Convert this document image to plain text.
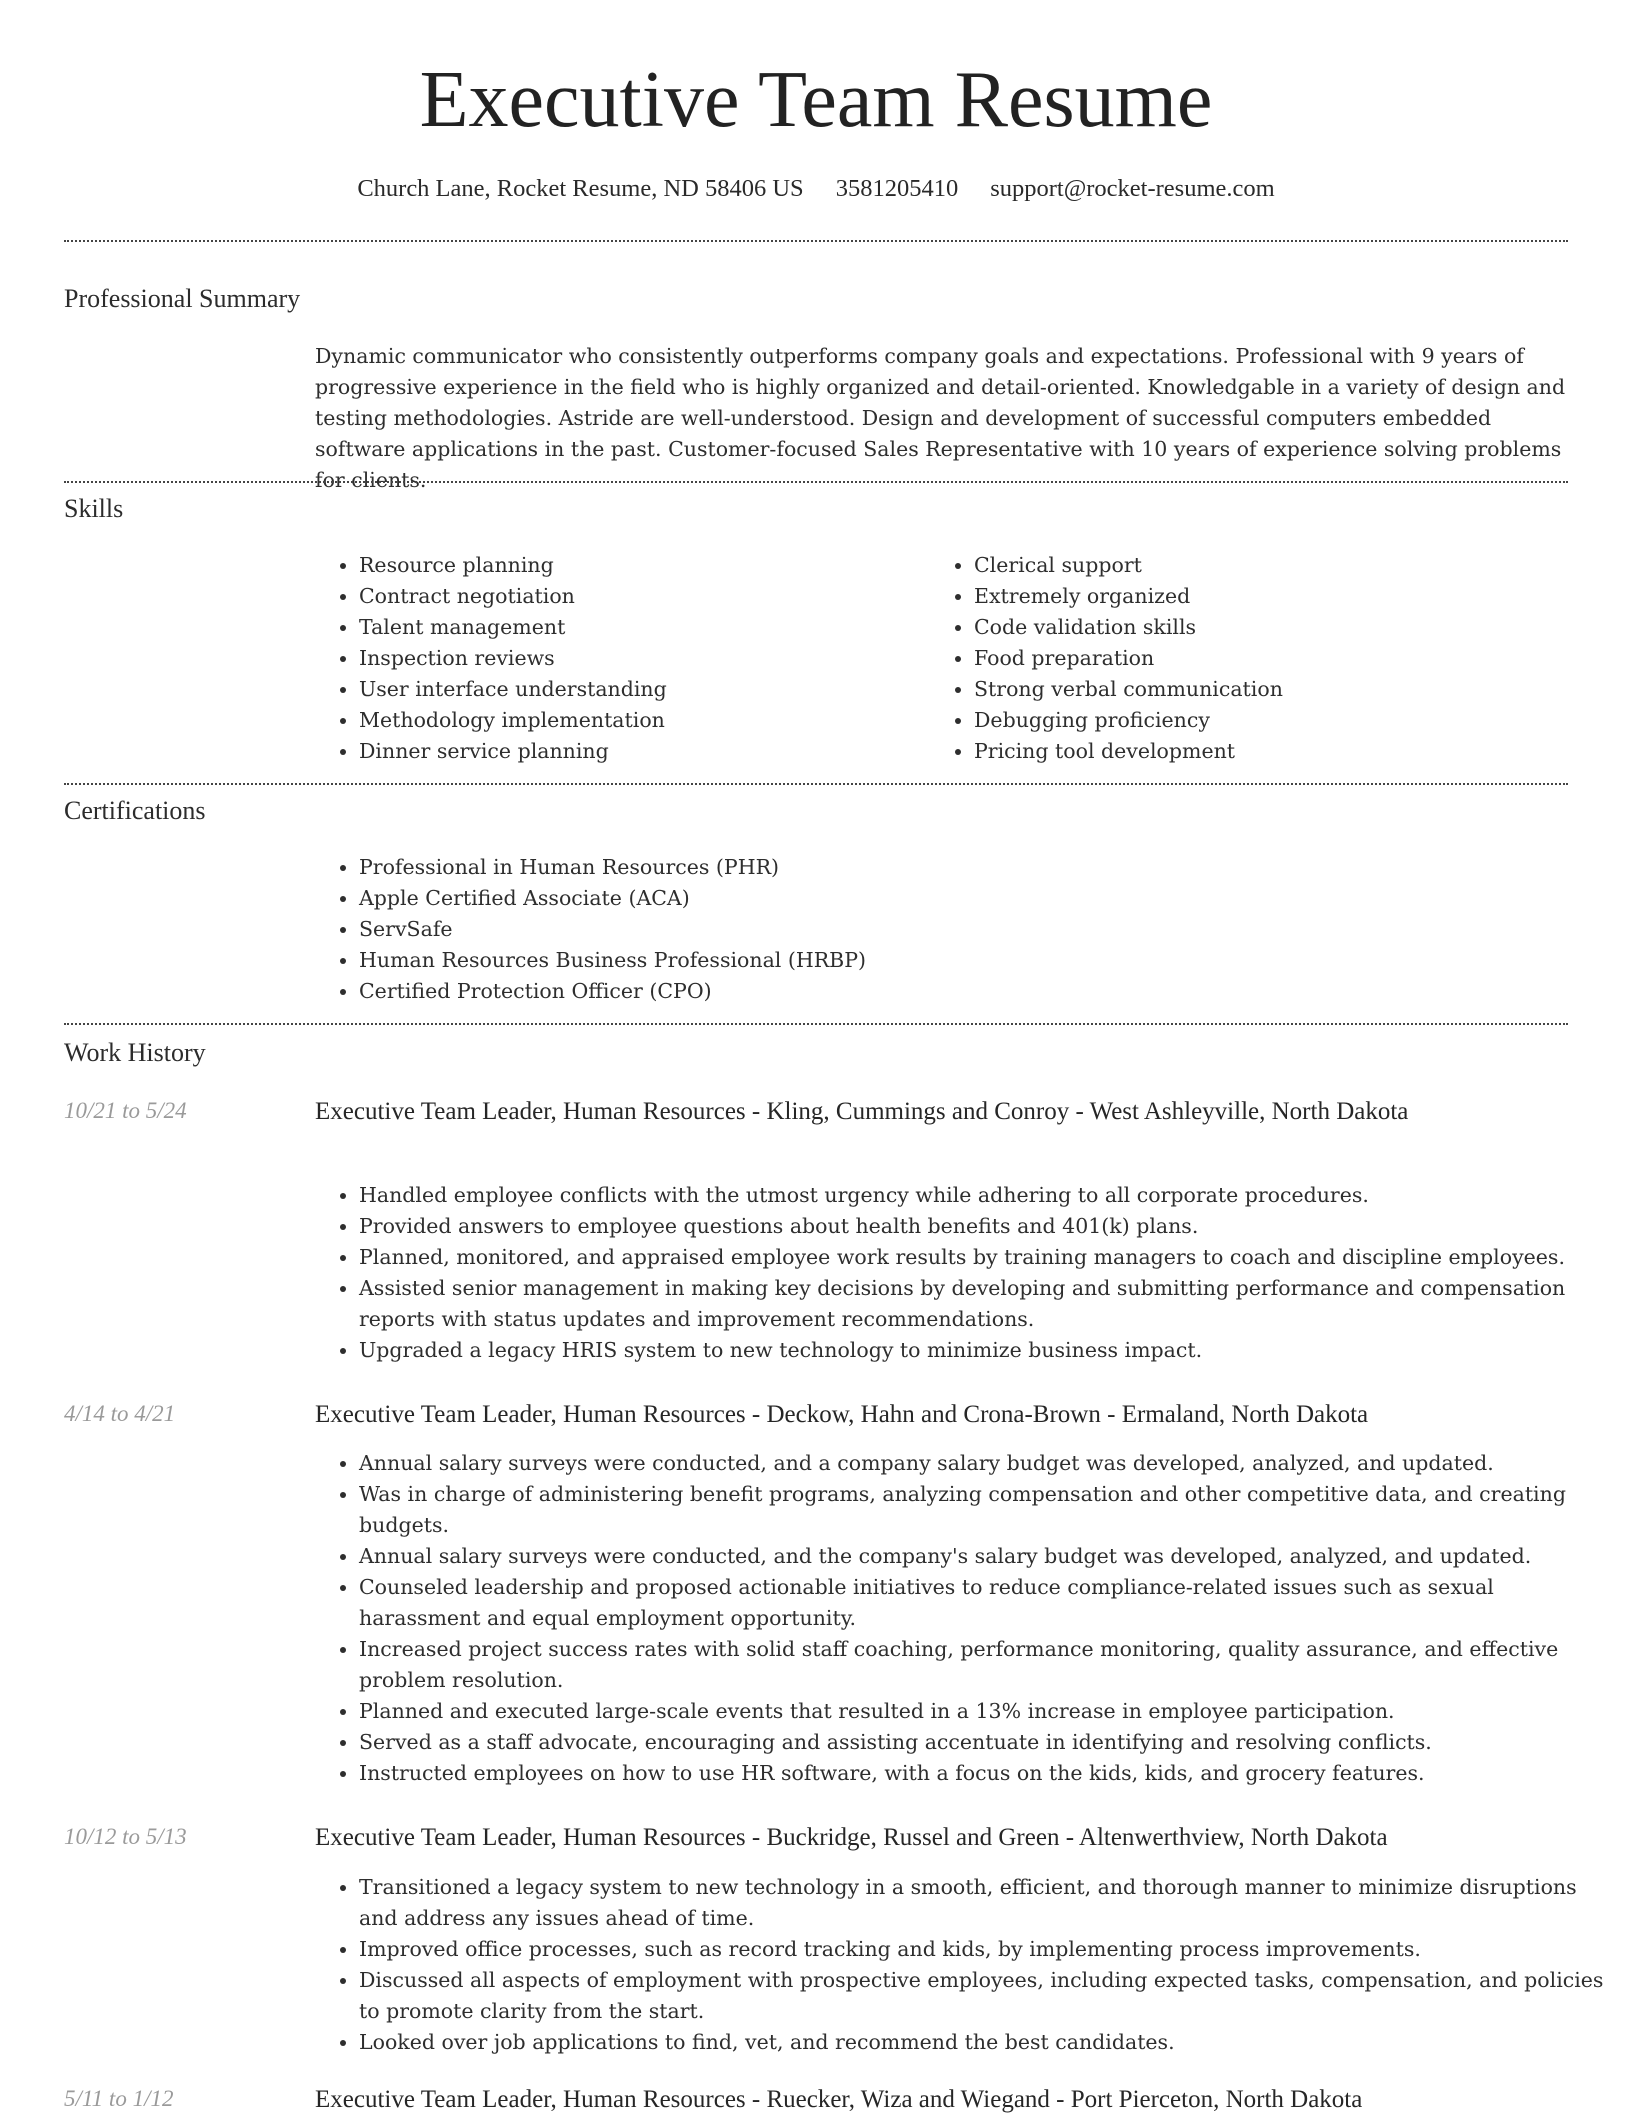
Executive Team Resume
Church Lane, Rocket Resume, ND 58406 US 3581205410 support@rocket-resume.com
Professional Summary
Dynamic communicator who consistently outperforms company goals and expectations. Professional with 9 years of progressive experience in the field who is highly organized and detail-oriented. Knowledgable in a variety of design and testing methodologies. Astride are well-understood. Design and development of successful computers embedded software applications in the past. Customer-focused Sales Representative with 10 years of experience solving problems for clients.
Skills
• Resource planning
• Contract negotiation
• Talent management
• Inspection reviews
• User interface understanding
• Methodology implementation
• Dinner service planning
• Clerical support
• Extremely organized
• Code validation skills
• Food preparation
• Strong verbal communication
• Debugging proficiency
• Pricing tool development
Certifications
• Professional in Human Resources (PHR)
• Apple Certified Associate (ACA)
• ServSafe
• Human Resources Business Professional (HRBP)
• Certified Protection Officer (CPO)
Work History
10/21 to 5/24	Executive Team Leader, Human Resources - Kling, Cummings and Conroy - West Ashleyville, North Dakota
• Handled employee conflicts with the utmost urgency while adhering to all corporate procedures.
• Provided answers to employee questions about health benefits and 401(k) plans.
• Planned, monitored, and appraised employee work results by training managers to coach and discipline employees.
• Assisted senior management in making key decisions by developing and submitting performance and compensation reports with status updates and improvement recommendations.
• Upgraded a legacy HRIS system to new technology to minimize business impact.
4/14 to 4/21	Executive Team Leader, Human Resources - Deckow, Hahn and Crona-Brown - Ermaland, North Dakota
• Annual salary surveys were conducted, and a company salary budget was developed, analyzed, and updated.
• Was in charge of administering benefit programs, analyzing compensation and other competitive data, and creating budgets.
• Annual salary surveys were conducted, and the company's salary budget was developed, analyzed, and updated.
• Counseled leadership and proposed actionable initiatives to reduce compliance-related issues such as sexual harassment and equal employment opportunity.
• Increased project success rates with solid staff coaching, performance monitoring, quality assurance, and effective problem resolution.
• Planned and executed large-scale events that resulted in a 13% increase in employee participation.
• Served as a staff advocate, encouraging and assisting accentuate in identifying and resolving conflicts.
• Instructed employees on how to use HR software, with a focus on the kids, kids, and grocery features.
10/12 to 5/13	Executive Team Leader, Human Resources - Buckridge, Russel and Green - Altenwerthview, North Dakota
• Transitioned a legacy system to new technology in a smooth, efficient, and thorough manner to minimize disruptions and address any issues ahead of time.
• Improved office processes, such as record tracking and kids, by implementing process improvements.
• Discussed all aspects of employment with prospective employees, including expected tasks, compensation, and policies to promote clarity from the start.
• Looked over job applications to find, vet, and recommend the best candidates.
5/11 to 1/12	Executive Team Leader, Human Resources - Ruecker, Wiza and Wiegand - Port Pierceton, North Dakota
